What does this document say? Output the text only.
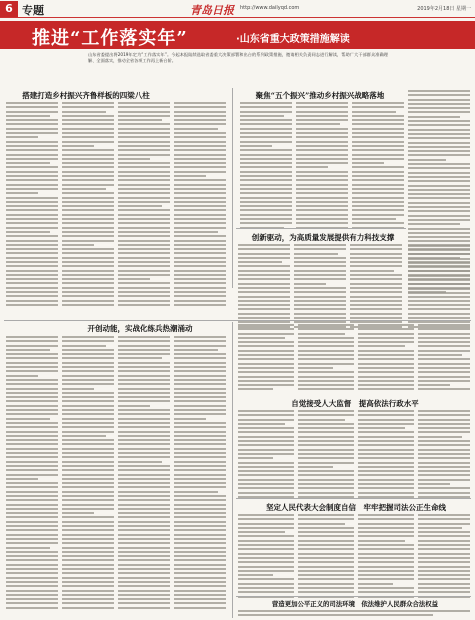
6 专题	青岛日报 http://www.dailyqd.com	2019年2月18日 星期一
推进“工作落实年”	·山东省重大政策措施解读
山东省委提出将2019年定为“工作落实年”。今起本报陆续选取省委重大决策部署和出台的系列政策措施，邀请相关负责同志进行解读，帮助广大干部群众准确理解、全面落实，推动全省各项工作再上新台阶。
搭建打造乡村振兴齐鲁样板的四梁八柱	聚焦“五个振兴”推动乡村振兴战略落地
创新驱动，为高质量发展提供有力科技支撑
开创动能，实战化练兵热潮涌动
自觉接受人大监督　提高依法行政水平
坚定人民代表大会制度自信　牢牢把握司法公正生命线
营造更加公平正义的司法环境　依法维护人民群众合法权益
